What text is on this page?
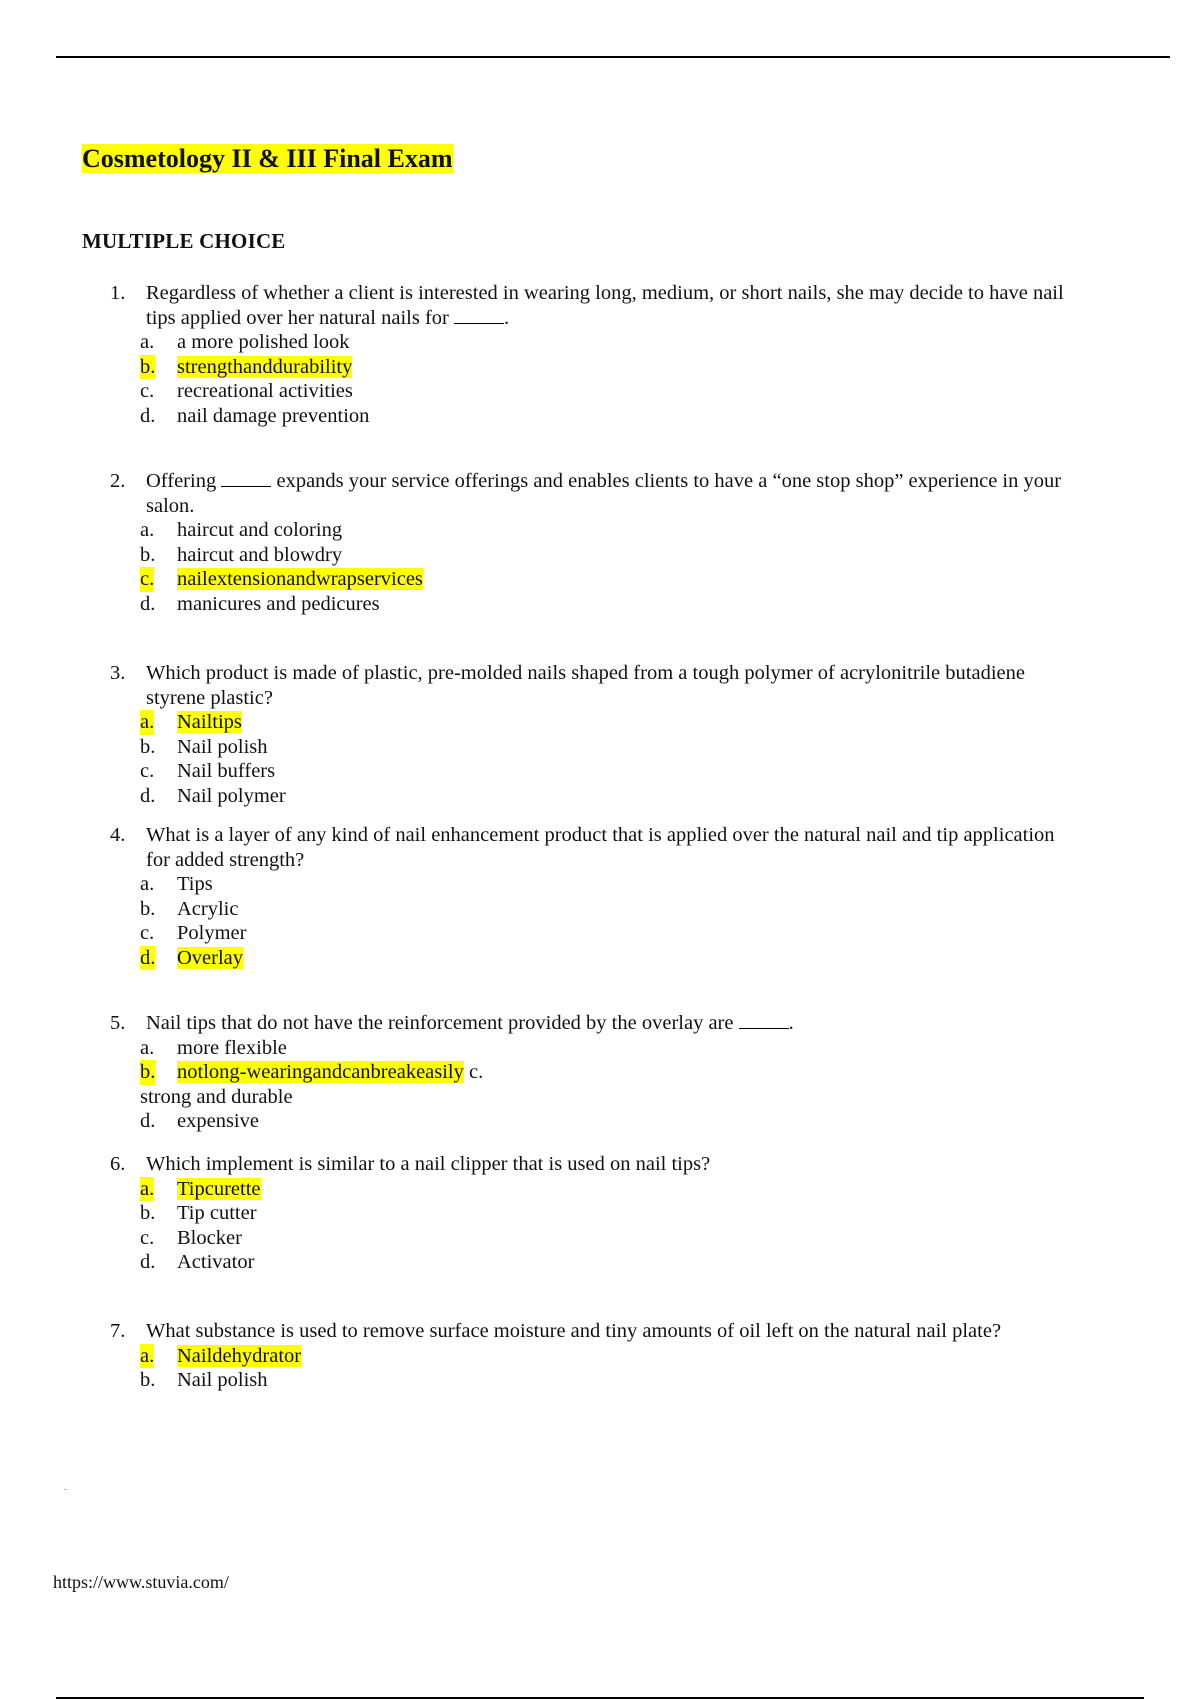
Cosmetology II & III Final Exam
MULTIPLE CHOICE
1. Regardless of whether a client is interested in wearing long, medium, or short nails, she may decide to have nail tips applied over her natural nails for .
a. a more polished look
b. strengthanddurability
c. recreational activities
d. nail damage prevention
2. Offering  expands your service offerings and enables clients to have a “one stop shop” experience in your salon.
a. haircut and coloring
b. haircut and blowdry
c. nailextensionandwrapservices
d. manicures and pedicures
3. Which product is made of plastic, pre-molded nails shaped from a tough polymer of acrylonitrile butadiene styrene plastic?
a. Nailtips
b. Nail polish
c. Nail buffers
d. Nail polymer
4. What is a layer of any kind of nail enhancement product that is applied over the natural nail and tip application for added strength?
a. Tips
b. Acrylic
c. Polymer
d. Overlay
5. Nail tips that do not have the reinforcement provided by the overlay are .
a. more flexible
b. notlong-wearingandcanbreakeasily c.
strong and durable
d. expensive
6. Which implement is similar to a nail clipper that is used on nail tips?
a. Tipcurette
b. Tip cutter
c. Blocker
d. Activator
7. What substance is used to remove surface moisture and tiny amounts of oil left on the natural nail plate?
a. Naildehydrator
b. Nail polish
-
https://www.stuvia.com/
